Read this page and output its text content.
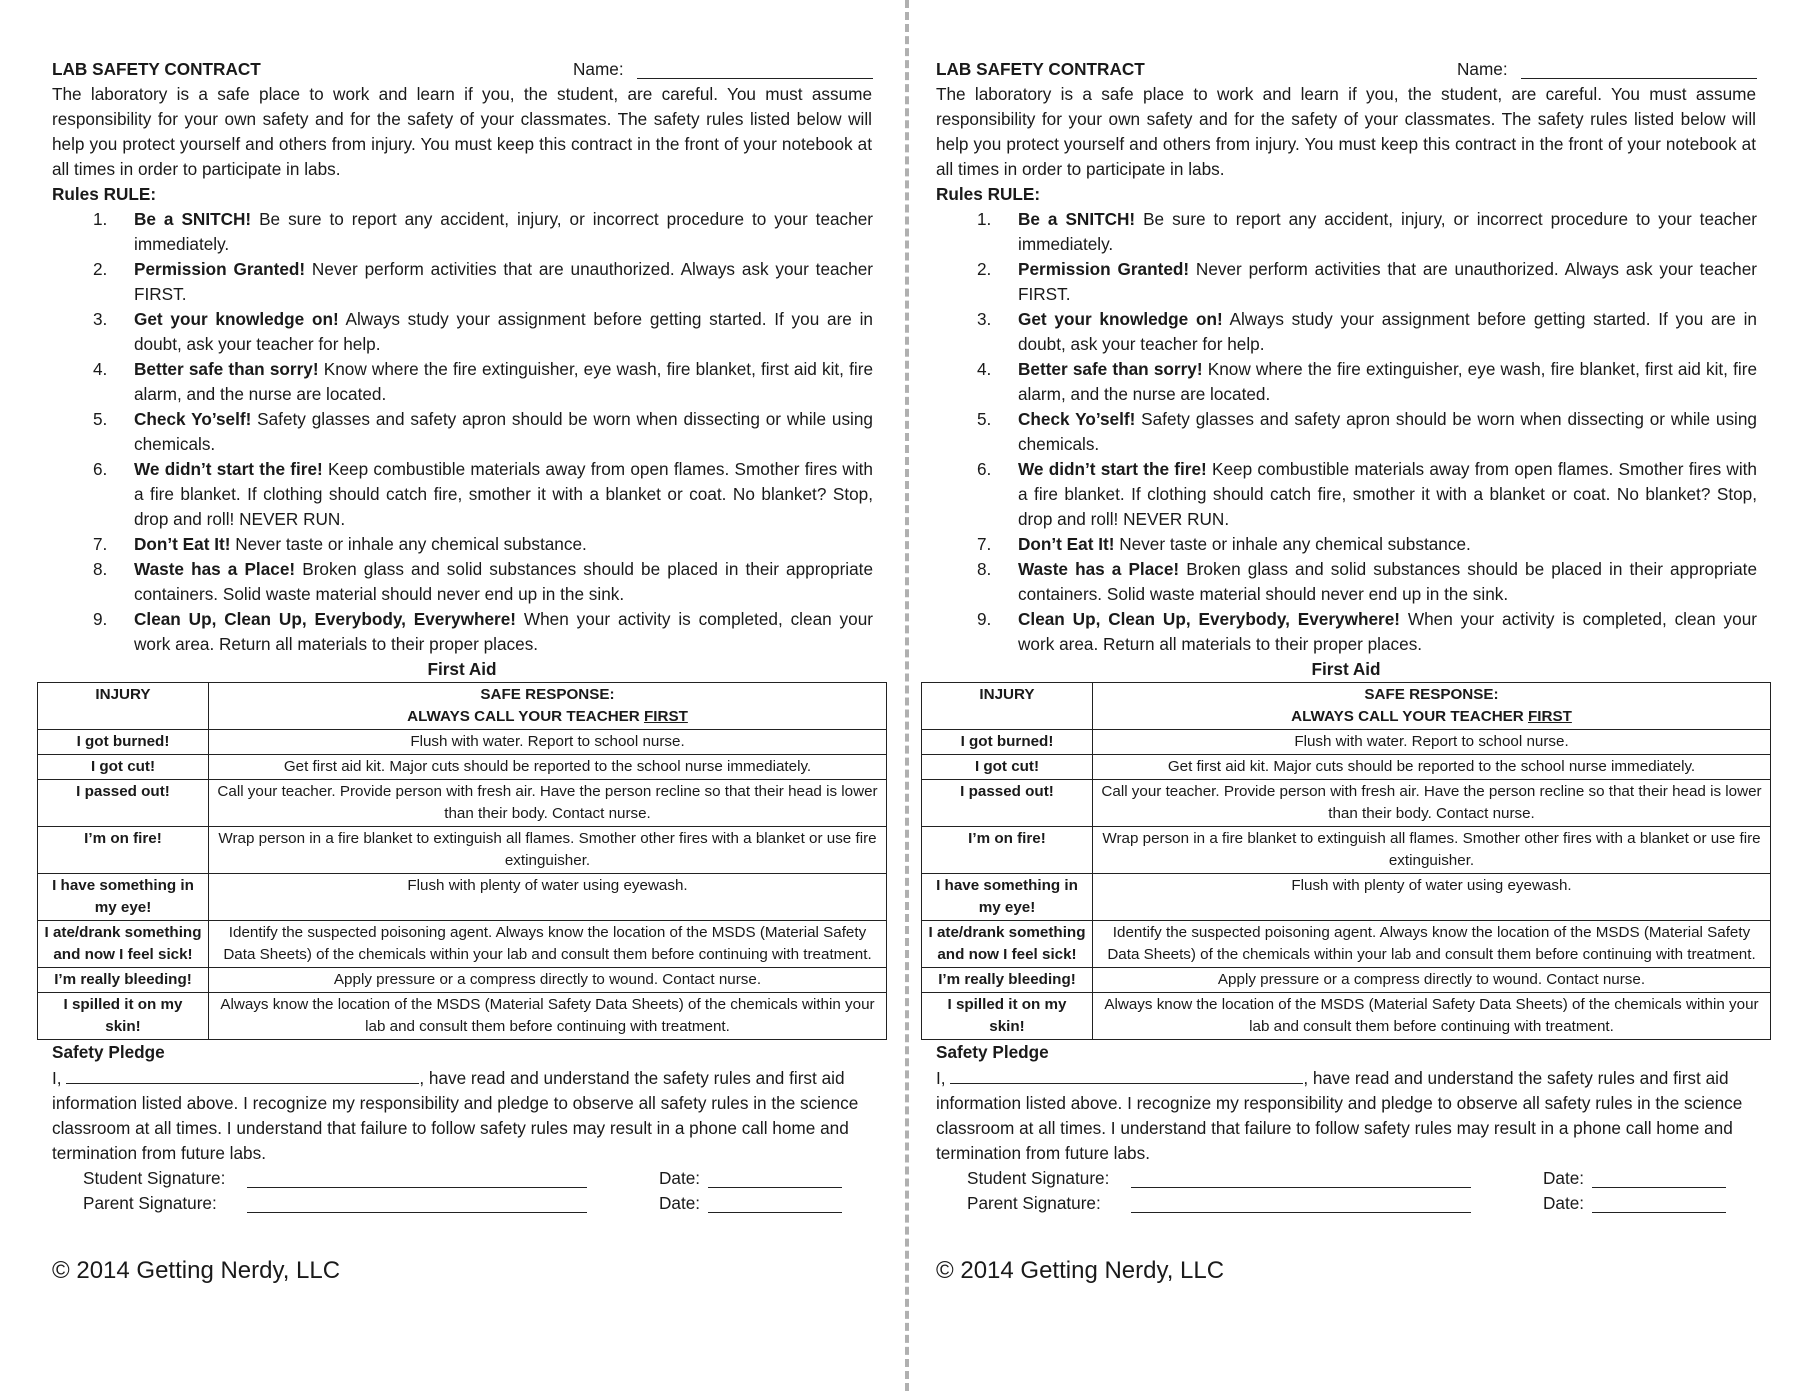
LAB SAFETY CONTRACT	Name:
The laboratory is a safe place to work and learn if you, the student, are careful. You must assume responsibility for your own safety and for the safety of your classmates. The safety rules listed below will help you protect yourself and others from injury. You must keep this contract in the front of your notebook at all times in order to participate in labs.
Rules RULE:
1. Be a SNITCH! Be sure to report any accident, injury, or incorrect procedure to your teacher immediately.
2. Permission Granted! Never perform activities that are unauthorized. Always ask your teacher FIRST.
3. Get your knowledge on! Always study your assignment before getting started. If you are in doubt, ask your teacher for help.
4. Better safe than sorry! Know where the fire extinguisher, eye wash, fire blanket, first aid kit, fire alarm, and the nurse are located.
5. Check Yo’self! Safety glasses and safety apron should be worn when dissecting or while using chemicals.
6. We didn’t start the fire! Keep combustible materials away from open flames. Smother fires with a fire blanket. If clothing should catch fire, smother it with a blanket or coat. No blanket? Stop, drop and roll! NEVER RUN.
7. Don’t Eat It! Never taste or inhale any chemical substance.
8. Waste has a Place! Broken glass and solid substances should be placed in their appropriate containers. Solid waste material should never end up in the sink.
9. Clean Up, Clean Up, Everybody, Everywhere! When your activity is completed, clean your work area. Return all materials to their proper places.
First Aid
INJURY	SAFE RESPONSE:
ALWAYS CALL YOUR TEACHER FIRST
I got burned!	Flush with water. Report to school nurse.
I got cut!	Get first aid kit. Major cuts should be reported to the school nurse immediately.
I passed out!	Call your teacher. Provide person with fresh air. Have the person recline so that their head is lower than their body. Contact nurse.
I’m on fire!	Wrap person in a fire blanket to extinguish all flames. Smother other fires with a blanket or use fire extinguisher.
I have something in my eye!	Flush with plenty of water using eyewash.
I ate/drank something and now I feel sick!	Identify the suspected poisoning agent. Always know the location of the MSDS (Material Safety Data Sheets) of the chemicals within your lab and consult them before continuing with treatment.
I’m really bleeding!	Apply pressure or a compress directly to wound. Contact nurse.
I spilled it on my skin!	Always know the location of the MSDS (Material Safety Data Sheets) of the chemicals within your lab and consult them before continuing with treatment.
Safety Pledge
I,	, have read and understand the safety rules and first aid information listed above. I recognize my responsibility and pledge to observe all safety rules in the science classroom at all times. I understand that failure to follow safety rules may result in a phone call home and termination from future labs.
Student Signature:	Date:
Parent Signature:	Date:
© 2014 Getting Nerdy, LLC
LAB SAFETY CONTRACT	Name:
The laboratory is a safe place to work and learn if you, the student, are careful. You must assume responsibility for your own safety and for the safety of your classmates. The safety rules listed below will help you protect yourself and others from injury. You must keep this contract in the front of your notebook at all times in order to participate in labs.
Rules RULE:
1. Be a SNITCH! Be sure to report any accident, injury, or incorrect procedure to your teacher immediately.
2. Permission Granted! Never perform activities that are unauthorized. Always ask your teacher FIRST.
3. Get your knowledge on! Always study your assignment before getting started. If you are in doubt, ask your teacher for help.
4. Better safe than sorry! Know where the fire extinguisher, eye wash, fire blanket, first aid kit, fire alarm, and the nurse are located.
5. Check Yo’self! Safety glasses and safety apron should be worn when dissecting or while using chemicals.
6. We didn’t start the fire! Keep combustible materials away from open flames. Smother fires with a fire blanket. If clothing should catch fire, smother it with a blanket or coat. No blanket? Stop, drop and roll! NEVER RUN.
7. Don’t Eat It! Never taste or inhale any chemical substance.
8. Waste has a Place! Broken glass and solid substances should be placed in their appropriate containers. Solid waste material should never end up in the sink.
9. Clean Up, Clean Up, Everybody, Everywhere! When your activity is completed, clean your work area. Return all materials to their proper places.
First Aid
INJURY	SAFE RESPONSE:
ALWAYS CALL YOUR TEACHER FIRST
I got burned!	Flush with water. Report to school nurse.
I got cut!	Get first aid kit. Major cuts should be reported to the school nurse immediately.
I passed out!	Call your teacher. Provide person with fresh air. Have the person recline so that their head is lower than their body. Contact nurse.
I’m on fire!	Wrap person in a fire blanket to extinguish all flames. Smother other fires with a blanket or use fire extinguisher.
I have something in my eye!	Flush with plenty of water using eyewash.
I ate/drank something and now I feel sick!	Identify the suspected poisoning agent. Always know the location of the MSDS (Material Safety Data Sheets) of the chemicals within your lab and consult them before continuing with treatment.
I’m really bleeding!	Apply pressure or a compress directly to wound. Contact nurse.
I spilled it on my skin!	Always know the location of the MSDS (Material Safety Data Sheets) of the chemicals within your lab and consult them before continuing with treatment.
Safety Pledge
I,	, have read and understand the safety rules and first aid information listed above. I recognize my responsibility and pledge to observe all safety rules in the science classroom at all times. I understand that failure to follow safety rules may result in a phone call home and termination from future labs.
Student Signature:	Date:
Parent Signature:	Date:
© 2014 Getting Nerdy, LLC
